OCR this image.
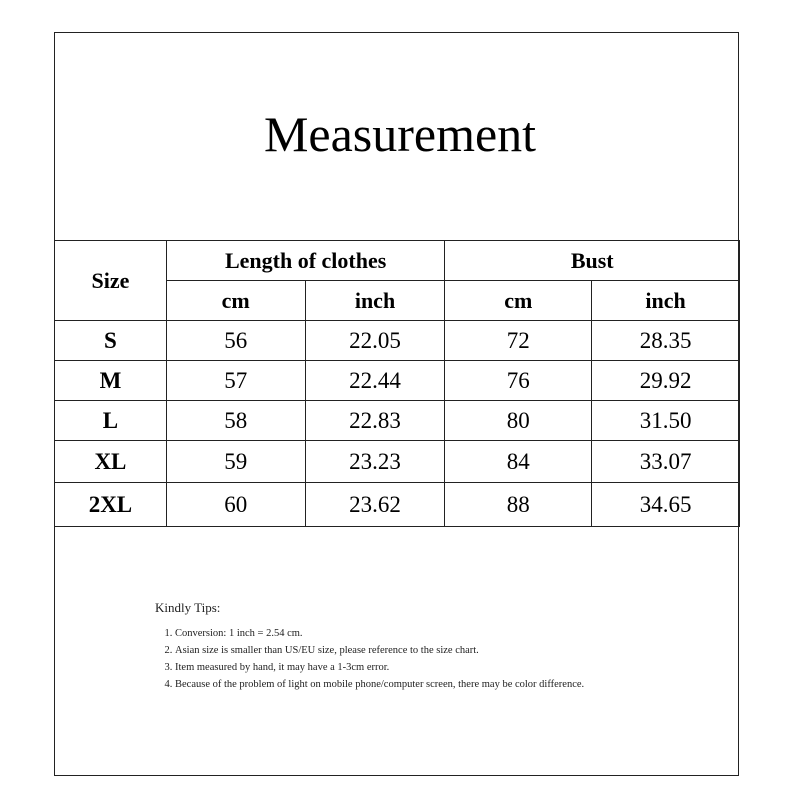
Measurement
Size	Length of clothes		Bust	
	cm	inch	cm	inch
S	56	22.05	72	28.35
M	57	22.44	76	29.92
L	58	22.83	80	31.50
XL	59	23.23	84	33.07
2XL	60	23.62	88	34.65
Kindly Tips:
1. Conversion: 1 inch = 2.54 cm.
2. Asian size is smaller than US/EU size, please reference to the size chart.
3. Item measured by hand, it may have a 1-3cm error.
4. Because of the problem of light on mobile phone/computer screen, there may be color difference.
